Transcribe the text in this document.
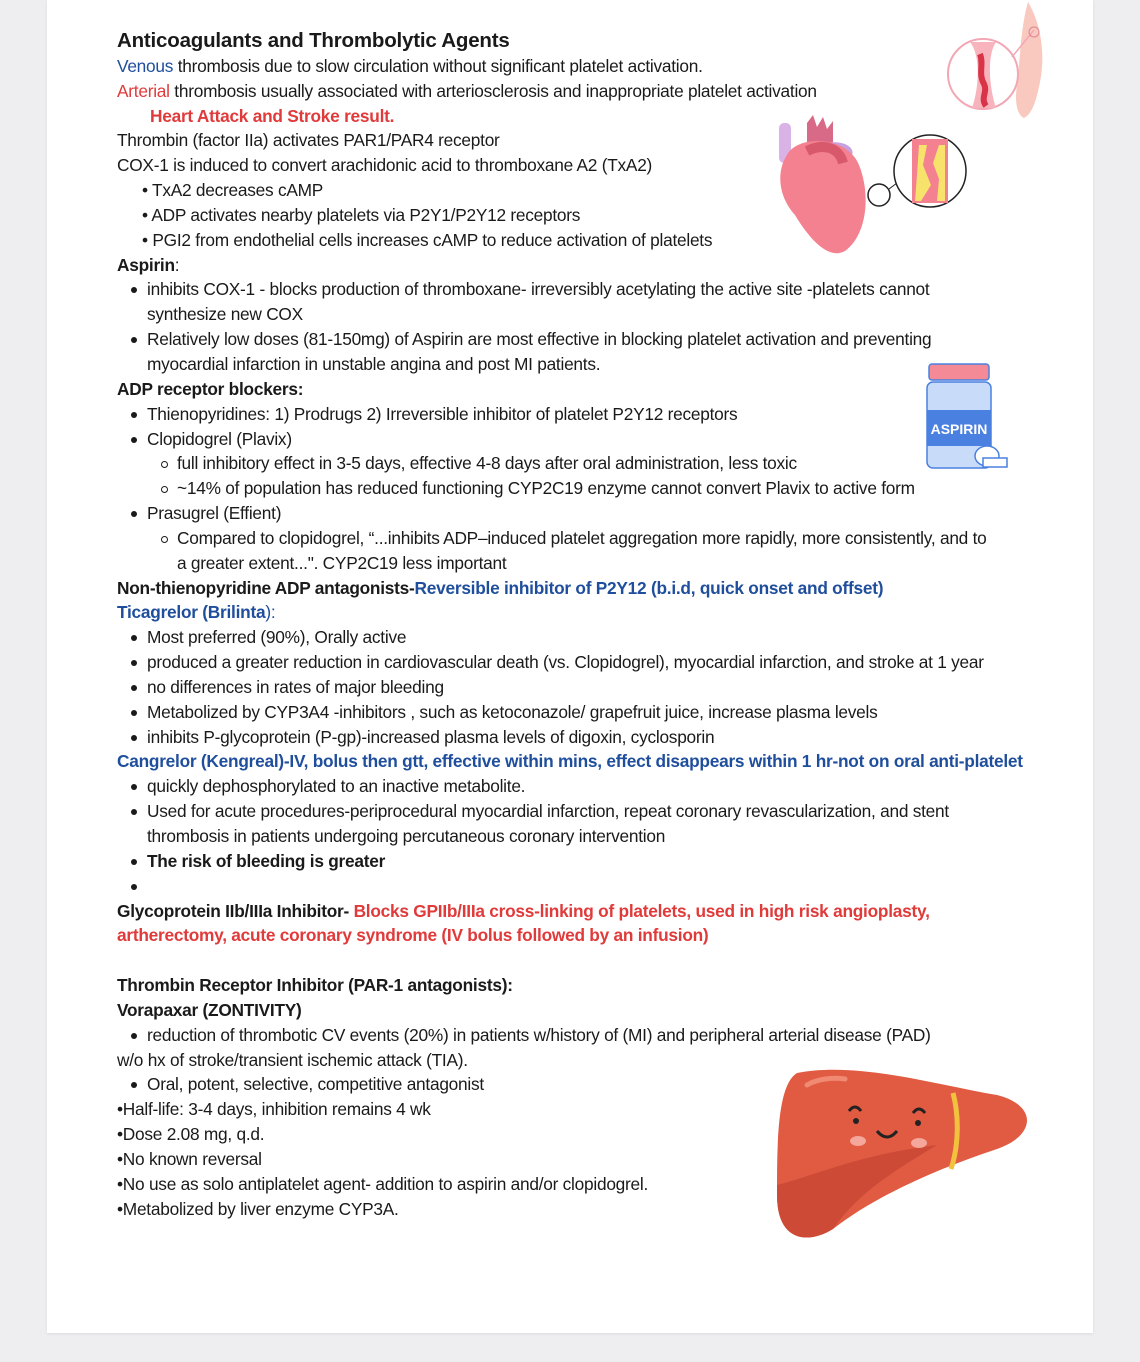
Anticoagulants and Thrombolytic Agents
Venous thrombosis due to slow circulation without significant platelet activation.
Arterial thrombosis usually associated with arteriosclerosis and inappropriate platelet activation
Heart Attack and Stroke result.
Thrombin (factor IIa) activates PAR1/PAR4 receptor
COX-1 is induced to convert arachidonic acid to thromboxane A2 (TxA2)
• TxA2 decreases cAMP
• ADP activates nearby platelets via P2Y1/P2Y12 receptors
• PGI2 from endothelial cells increases cAMP to reduce activation of platelets
Aspirin:
inhibits COX-1 - blocks production of thromboxane- irreversibly acetylating the active site -platelets cannot
synthesize new COX
Relatively low doses (81-150mg) of Aspirin are most effective in blocking platelet activation and preventing
myocardial infarction in unstable angina and post MI patients.
ADP receptor blockers:
Thienopyridines: 1) Prodrugs 2) Irreversible inhibitor of platelet P2Y12 receptors
Clopidogrel (Plavix)
full inhibitory effect in 3-5 days, effective 4-8 days after oral administration, less toxic
~14% of population has reduced functioning CYP2C19 enzyme cannot convert Plavix to active form
Prasugrel (Effient)
Compared to clopidogrel, “...inhibits ADP–induced platelet aggregation more rapidly, more consistently, and to
a greater extent...". CYP2C19 less important
Non-thienopyridine ADP antagonists-Reversible inhibitor of P2Y12 (b.i.d, quick onset and offset)
Ticagrelor (Brilinta):
Most preferred (90%), Orally active
produced a greater reduction in cardiovascular death (vs. Clopidogrel), myocardial infarction, and stroke at 1 year
no differences in rates of major bleeding
Metabolized by CYP3A4 -inhibitors , such as ketoconazole/ grapefruit juice, increase plasma levels
inhibits P-glycoprotein (P-gp)-increased plasma levels of digoxin, cyclosporin
Cangrelor (Kengreal)-IV, bolus then gtt, effective within mins, effect disappears within 1 hr-not on oral anti-platelet
quickly dephosphorylated to an inactive metabolite.
Used for acute procedures-periprocedural myocardial infarction, repeat coronary revascularization, and stent
thrombosis in patients undergoing percutaneous coronary intervention
The risk of bleeding is greater
Glycoprotein IIb/IIIa Inhibitor- Blocks GPIIb/IIIa cross-linking of platelets, used in high risk angioplasty,
artherectomy, acute coronary syndrome (IV bolus followed by an infusion)
Thrombin Receptor Inhibitor (PAR-1 antagonists):
Vorapaxar (ZONTIVITY)
reduction of thrombotic CV events (20%) in patients w/history of (MI) and peripheral arterial disease (PAD)
w/o hx of stroke/transient ischemic attack (TIA).
Oral, potent, selective, competitive antagonist
•Half-life: 3-4 days, inhibition remains 4 wk
•Dose 2.08 mg, q.d.
•No known reversal
•No use as solo antiplatelet agent- addition to aspirin and/or clopidogrel.
•Metabolized by liver enzyme CYP3A.
ASPIRIN
